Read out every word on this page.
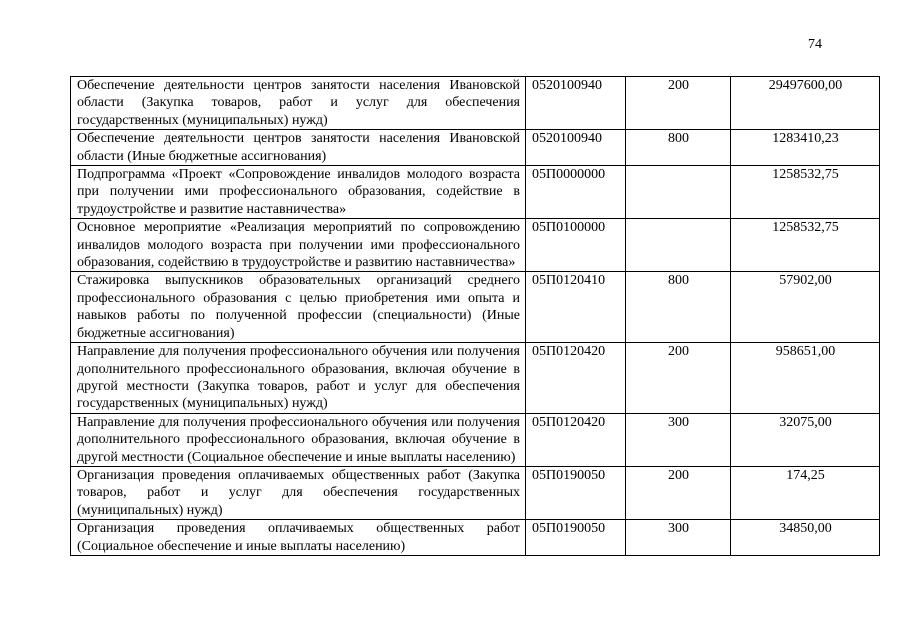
74
Обеспечение деятельности центров занятости населения Ивановской области (Закупка товаров, работ и услуг для обеспечения государственных (муниципальных) нужд)	0520100940	200	29497600,00
Обеспечение деятельности центров занятости населения Ивановской области (Иные бюджетные ассигнования)	0520100940	800	1283410,23
Подпрограмма «Проект «Сопровождение инвалидов молодого возраста при получении ими профессионального образования, содействие в трудоустройстве и развитие наставничества»	05П0000000		1258532,75
Основное мероприятие «Реализация мероприятий по сопровождению инвалидов молодого возраста при получении ими профессионального образования, содействию в трудоустройстве и развитию наставничества»	05П0100000		1258532,75
Стажировка выпускников образовательных организаций среднего профессионального образования с целью приобретения ими опыта и навыков работы по полученной профессии (специальности) (Иные бюджетные ассигнования)	05П0120410	800	57902,00
Направление для получения профессионального обучения или получения дополнительного профессионального образования, включая обучение в другой местности (Закупка товаров, работ и услуг для обеспечения государственных (муниципальных) нужд)	05П0120420	200	958651,00
Направление для получения профессионального обучения или получения дополнительного профессионального образования, включая обучение в другой местности (Социальное обеспечение и иные выплаты населению)	05П0120420	300	32075,00
Организация проведения оплачиваемых общественных работ (Закупка товаров, работ и услуг для обеспечения государственных (муниципальных) нужд)	05П0190050	200	174,25
Организация проведения оплачиваемых общественных работ (Социальное обеспечение и иные выплаты населению)	05П0190050	300	34850,00
